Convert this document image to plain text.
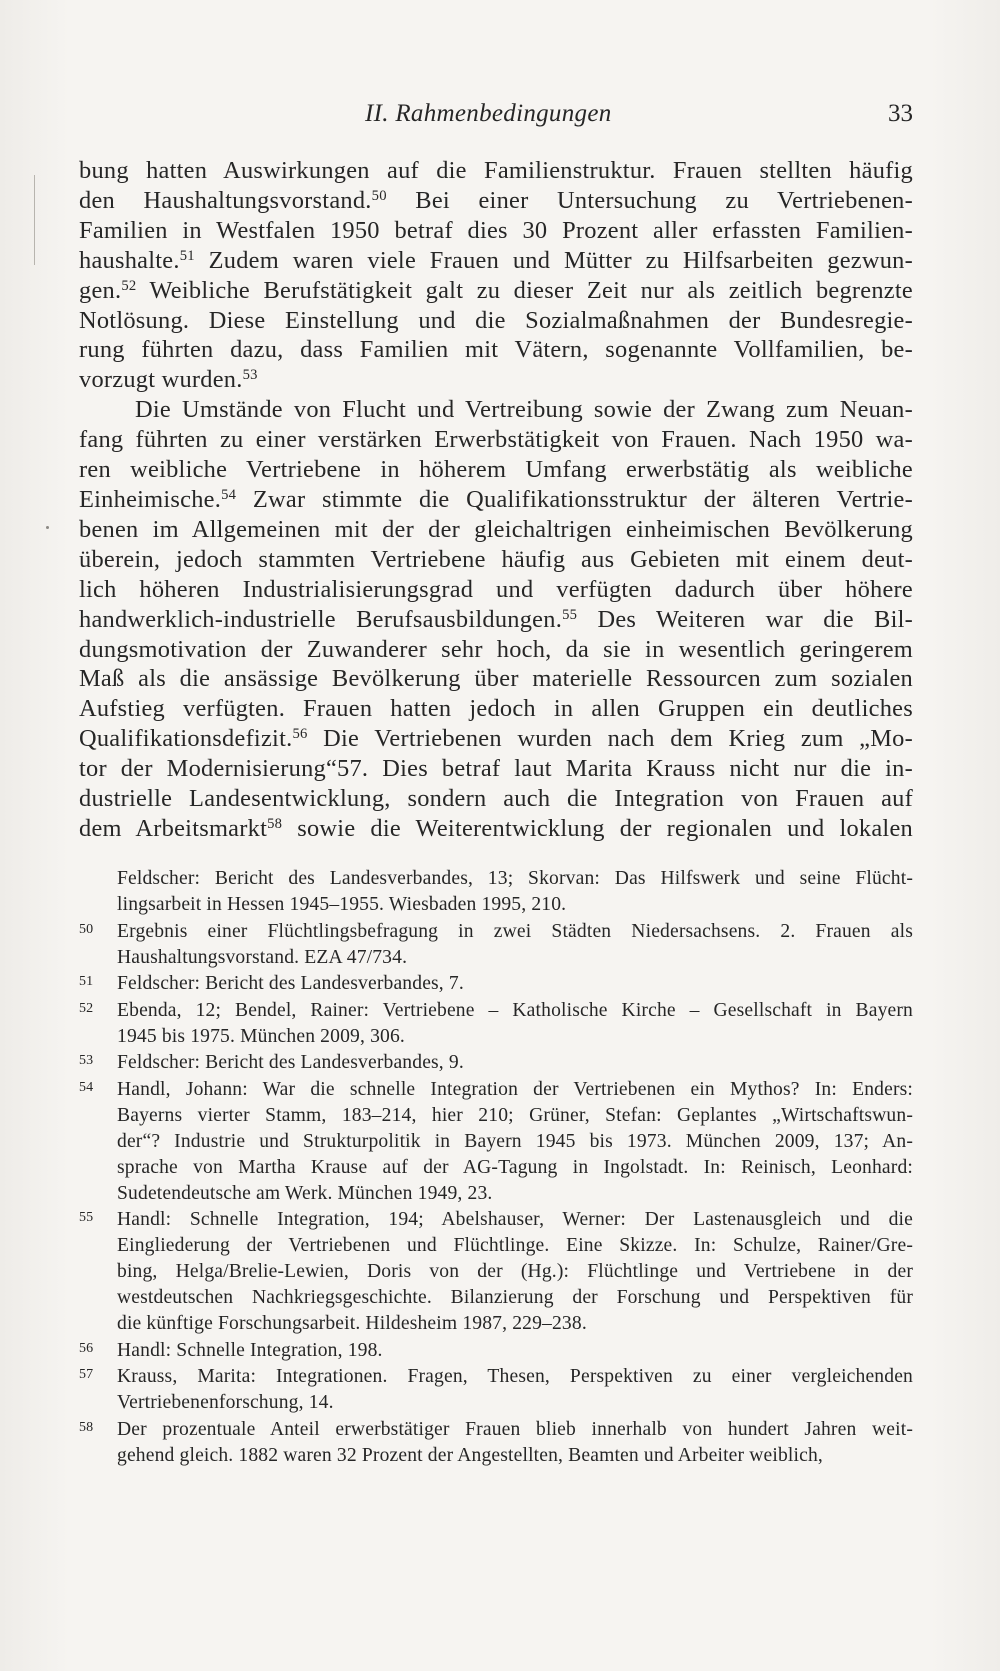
II. Rahmenbedingungen	33
bung hatten Auswirkungen auf die Familienstruktur. Frauen stellten häufig
den Haushaltungsvorstand.$^{50}$ Bei einer Untersuchung zu Vertriebenen-
Familien in Westfalen 1950 betraf dies 30 Prozent aller erfassten Familien-
haushalte.$^{51}$ Zudem waren viele Frauen und Mütter zu Hilfsarbeiten gezwun-
gen.$^{52}$ Weibliche Berufstätigkeit galt zu dieser Zeit nur als zeitlich begrenzte
Notlösung. Diese Einstellung und die Sozialmaßnahmen der Bundesregie-
rung führten dazu, dass Familien mit Vätern, sogenannte Vollfamilien, be-
vorzugt wurden.$^{53}$
Die Umstände von Flucht und Vertreibung sowie der Zwang zum Neuan-
fang führten zu einer verstärken Erwerbstätigkeit von Frauen. Nach 1950 wa-
ren weibliche Vertriebene in höherem Umfang erwerbstätig als weibliche
Einheimische.$^{54}$ Zwar stimmte die Qualifikationsstruktur der älteren Vertrie-
benen im Allgemeinen mit der der gleichaltrigen einheimischen Bevölkerung
überein, jedoch stammten Vertriebene häufig aus Gebieten mit einem deut-
lich höheren Industrialisierungsgrad und verfügten dadurch über höhere
handwerklich-industrielle Berufsausbildungen.$^{55}$ Des Weiteren war die Bil-
dungsmotivation der Zuwanderer sehr hoch, da sie in wesentlich geringerem
Maß als die ansässige Bevölkerung über materielle Ressourcen zum sozialen
Aufstieg verfügten. Frauen hatten jedoch in allen Gruppen ein deutliches
Qualifikationsdefizit.$^{56}$ Die Vertriebenen wurden nach dem Krieg zum „Mo-
tor der Modernisierung“57. Dies betraf laut Marita Krauss nicht nur die in-
dustrielle Landesentwicklung, sondern auch die Integration von Frauen auf
dem Arbeitsmarkt$^{58}$ sowie die Weiterentwicklung der regionalen und lokalen
Feldscher: Bericht des Landesverbandes, 13; Skorvan: Das Hilfswerk und seine Flücht-
lingsarbeit in Hessen 1945–1955. Wiesbaden 1995, 210.
50 Ergebnis einer Flüchtlingsbefragung in zwei Städten Niedersachsens. 2. Frauen als
Haushaltungsvorstand. EZA 47/734.
51 Feldscher: Bericht des Landesverbandes, 7.
52 Ebenda, 12; Bendel, Rainer: Vertriebene – Katholische Kirche – Gesellschaft in Bayern
1945 bis 1975. München 2009, 306.
53 Feldscher: Bericht des Landesverbandes, 9.
54 Handl, Johann: War die schnelle Integration der Vertriebenen ein Mythos? In: Enders:
Bayerns vierter Stamm, 183–214, hier 210; Grüner, Stefan: Geplantes „Wirtschaftswun-
der“? Industrie und Strukturpolitik in Bayern 1945 bis 1973. München 2009, 137; An-
sprache von Martha Krause auf der AG-Tagung in Ingolstadt. In: Reinisch, Leonhard:
Sudetendeutsche am Werk. München 1949, 23.
55 Handl: Schnelle Integration, 194; Abelshauser, Werner: Der Lastenausgleich und die
Eingliederung der Vertriebenen und Flüchtlinge. Eine Skizze. In: Schulze, Rainer/Gre-
bing, Helga/Brelie-Lewien, Doris von der (Hg.): Flüchtlinge und Vertriebene in der
westdeutschen Nachkriegsgeschichte. Bilanzierung der Forschung und Perspektiven für
die künftige Forschungsarbeit. Hildesheim 1987, 229–238.
56 Handl: Schnelle Integration, 198.
57 Krauss, Marita: Integrationen. Fragen, Thesen, Perspektiven zu einer vergleichenden
Vertriebenenforschung, 14.
58 Der prozentuale Anteil erwerbstätiger Frauen blieb innerhalb von hundert Jahren weit-
gehend gleich. 1882 waren 32 Prozent der Angestellten, Beamten und Arbeiter weiblich,
